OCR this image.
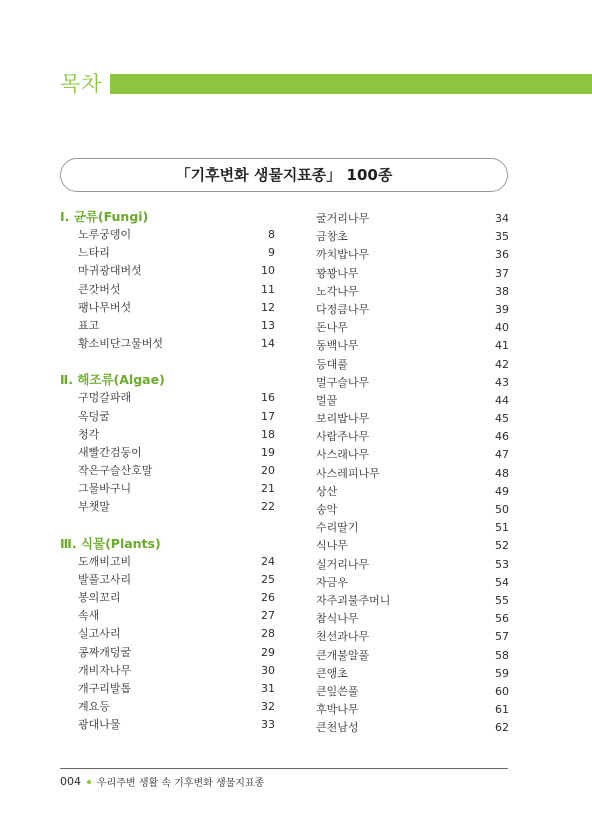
목차
「기후변화 생물지표종」 100종
Ⅰ. 균류(Fungi)
노루궁뎅이	8
느타리	9
마귀광대버섯	10
큰갓버섯	11
팽나무버섯	12
표고	13
황소비단그물버섯	14
Ⅱ. 해조류(Algae)
구멍갈파래	16
옥덩굴	17
청각	18
새빨간검둥이	19
작은구슬산호말	20
그물바구니	21
부챗말	22
Ⅲ. 식물(Plants)
도깨비고비	24
발풀고사리	25
봉의꼬리	26
속새	27
실고사리	28
콩짜개덩굴	29
개비자나무	30
개구리발톱	31
계요등	32
광대나물	33
굴거리나무	34
금창초	35
까치밥나무	36
꽝꽝나무	37
노각나무	38
다정큼나무	39
돈나무	40
동백나무	41
등대풀	42
멀구슬나무	43
멀꿀	44
보리밥나무	45
사람주나무	46
사스래나무	47
사스레피나무	48
상산	49
송악	50
수리딸기	51
식나무	52
실거리나무	53
자금우	54
자주괴불주머니	55
참식나무	56
천선과나무	57
큰개불알풀	58
큰앵초	59
큰잎쓴풀	60
후박나무	61
큰천남성	62
004 우리주변 생활 속 기후변화 생물지표종
